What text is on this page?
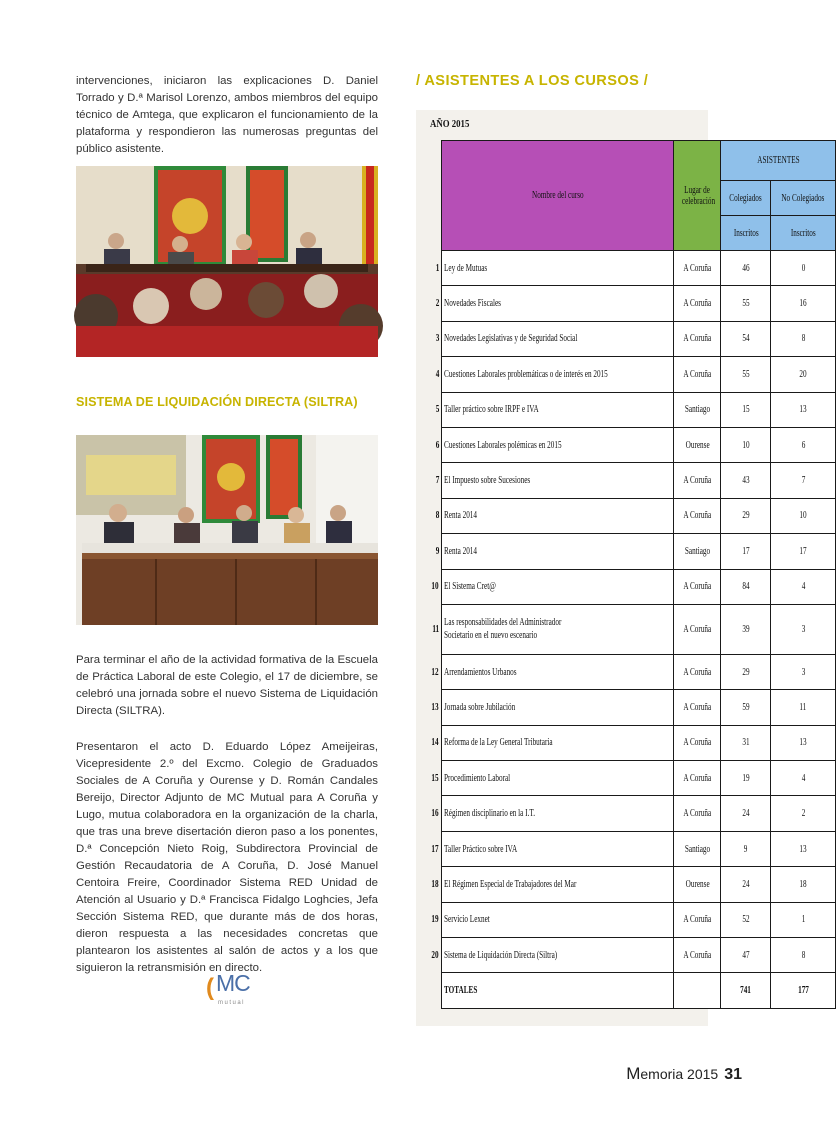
intervenciones, iniciaron las explicaciones D. Daniel Torrado y D.ª Marisol Lorenzo, ambos miembros del equipo técnico de Amtega, que explicaron el funcionamiento de la plataforma y respondieron las numerosas preguntas del público asistente.

SISTEMA DE LIQUIDACIÓN DIRECTA (SILTRA)

Para terminar el año de la actividad formativa de la Escuela de Práctica Laboral de este Colegio, el 17 de diciembre, se celebró una jornada sobre el nuevo Sistema de Liquidación Directa (SILTRA).

Presentaron el acto D. Eduardo López Ameijeiras, Vicepresidente 2.º del Excmo. Colegio de Graduados Sociales de A Coruña y Ourense y D. Román Candales Bereijo, Director Adjunto de MC Mutual para A Coruña y Lugo, mutua colaboradora en la organización de la charla, que tras una breve disertación dieron paso a los ponentes, D.ª Concepción Nieto Roig, Subdirectora Provincial de Gestión Recaudatoria de A Coruña, D. José Manuel Centoira Freire, Coordinador Sistema RED Unidad de Atención al Usuario y D.ª Francisca Fidalgo Loghcies, Jefa Sección Sistema RED, que durante más de dos horas, dieron respuesta a las necesidades concretas que plantearon los asistentes al salón de actos y a los que siguieron la retransmisión en directo.

( MC
mutual
/ ASISTENTES A LOS CURSOS /
AÑO 2015
	Nombre del curso	Lugar de celebración	ASISTENTES	
			Colegiados	No Colegiados
			Inscritos	Inscritos
1	Ley de Mutuas	A Coruña	46	0
2	Novedades Fiscales	A Coruña	55	16
3	Novedades Legislativas y de Seguridad Social	A Coruña	54	8
4	Cuestiones Laborales problemáticas o de interés en 2015	A Coruña	55	20
5	Taller práctico sobre IRPF e IVA	Santiago	15	13
6	Cuestiones Laborales polémicas en 2015	Ourense	10	6
7	El Impuesto sobre Sucesiones	A Coruña	43	7
8	Renta 2014	A Coruña	29	10
9	Renta 2014	Santiago	17	17
10	El Sistema Cret@	A Coruña	84	4
11	Las responsabilidades del Administrador Societario en el nuevo escenario	A Coruña	39	3
12	Arrendamientos Urbanos	A Coruña	29	3
13	Jornada sobre Jubilación	A Coruña	59	11
14	Reforma de la Ley General Tributaria	A Coruña	31	13
15	Procedimiento Laboral	A Coruña	19	4
16	Régimen disciplinario en la I.T.	A Coruña	24	2
17	Taller Práctico sobre IVA	Santiago	9	13
18	El Régimen Especial de Trabajadores del Mar	Ourense	24	18
19	Servicio Lexnet	A Coruña	52	1
20	Sistema de Liquidación Directa (Siltra)	A Coruña	47	8
	TOTALES		741	177
Memoria 2015 31
